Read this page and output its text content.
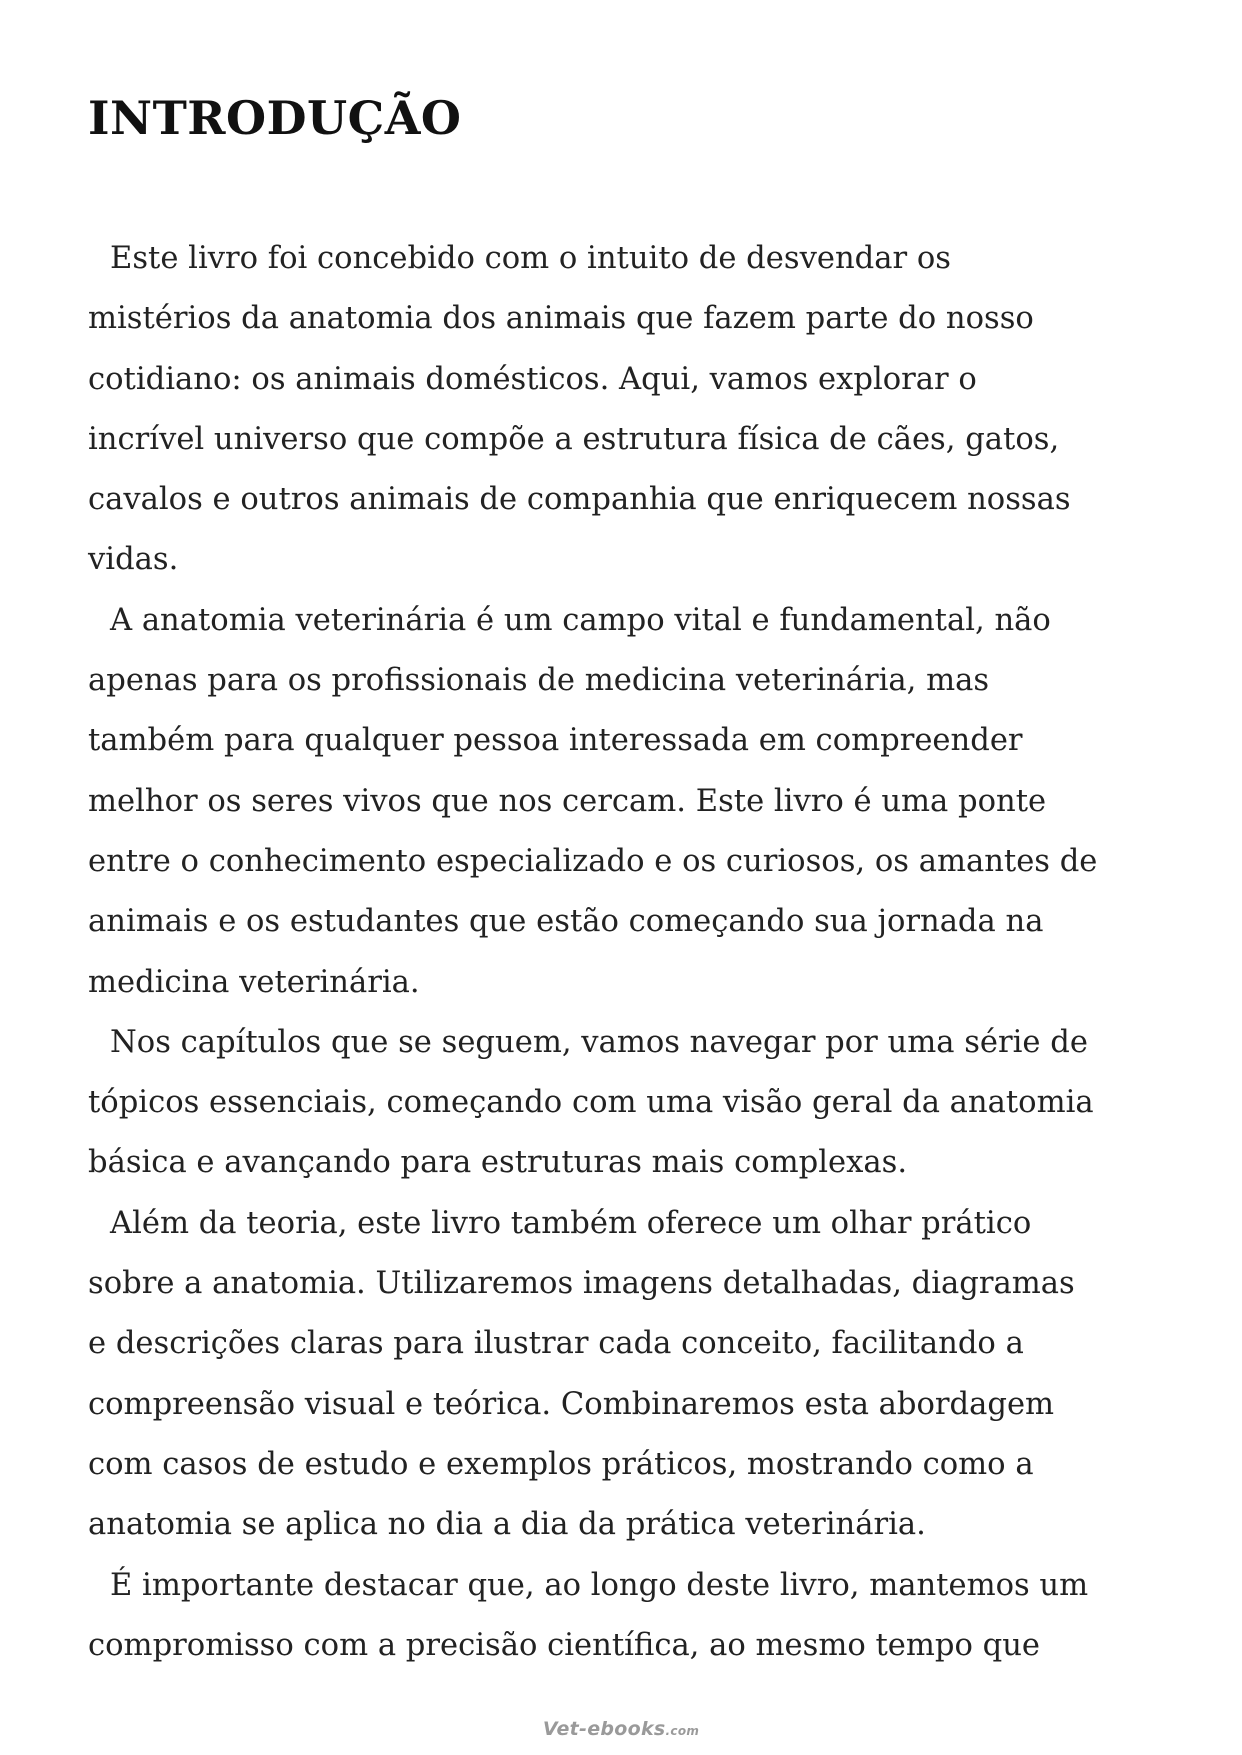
INTRODUÇÃO

Este livro foi concebido com o intuito de desvendar os
mistérios da anatomia dos animais que fazem parte do nosso
cotidiano: os animais domésticos. Aqui, vamos explorar o
incrível universo que compõe a estrutura física de cães, gatos,
cavalos e outros animais de companhia que enriquecem nossas
vidas.

A anatomia veterinária é um campo vital e fundamental, não
apenas para os profissionais de medicina veterinária, mas
também para qualquer pessoa interessada em compreender
melhor os seres vivos que nos cercam. Este livro é uma ponte
entre o conhecimento especializado e os curiosos, os amantes de
animais e os estudantes que estão começando sua jornada na
medicina veterinária.

Nos capítulos que se seguem, vamos navegar por uma série de
tópicos essenciais, começando com uma visão geral da anatomia
básica e avançando para estruturas mais complexas.

Além da teoria, este livro também oferece um olhar prático
sobre a anatomia. Utilizaremos imagens detalhadas, diagramas
e descrições claras para ilustrar cada conceito, facilitando a
compreensão visual e teórica. Combinaremos esta abordagem
com casos de estudo e exemplos práticos, mostrando como a
anatomia se aplica no dia a dia da prática veterinária.

É importante destacar que, ao longo deste livro, mantemos um
compromisso com a precisão científica, ao mesmo tempo que

Vet-ebooks.com
